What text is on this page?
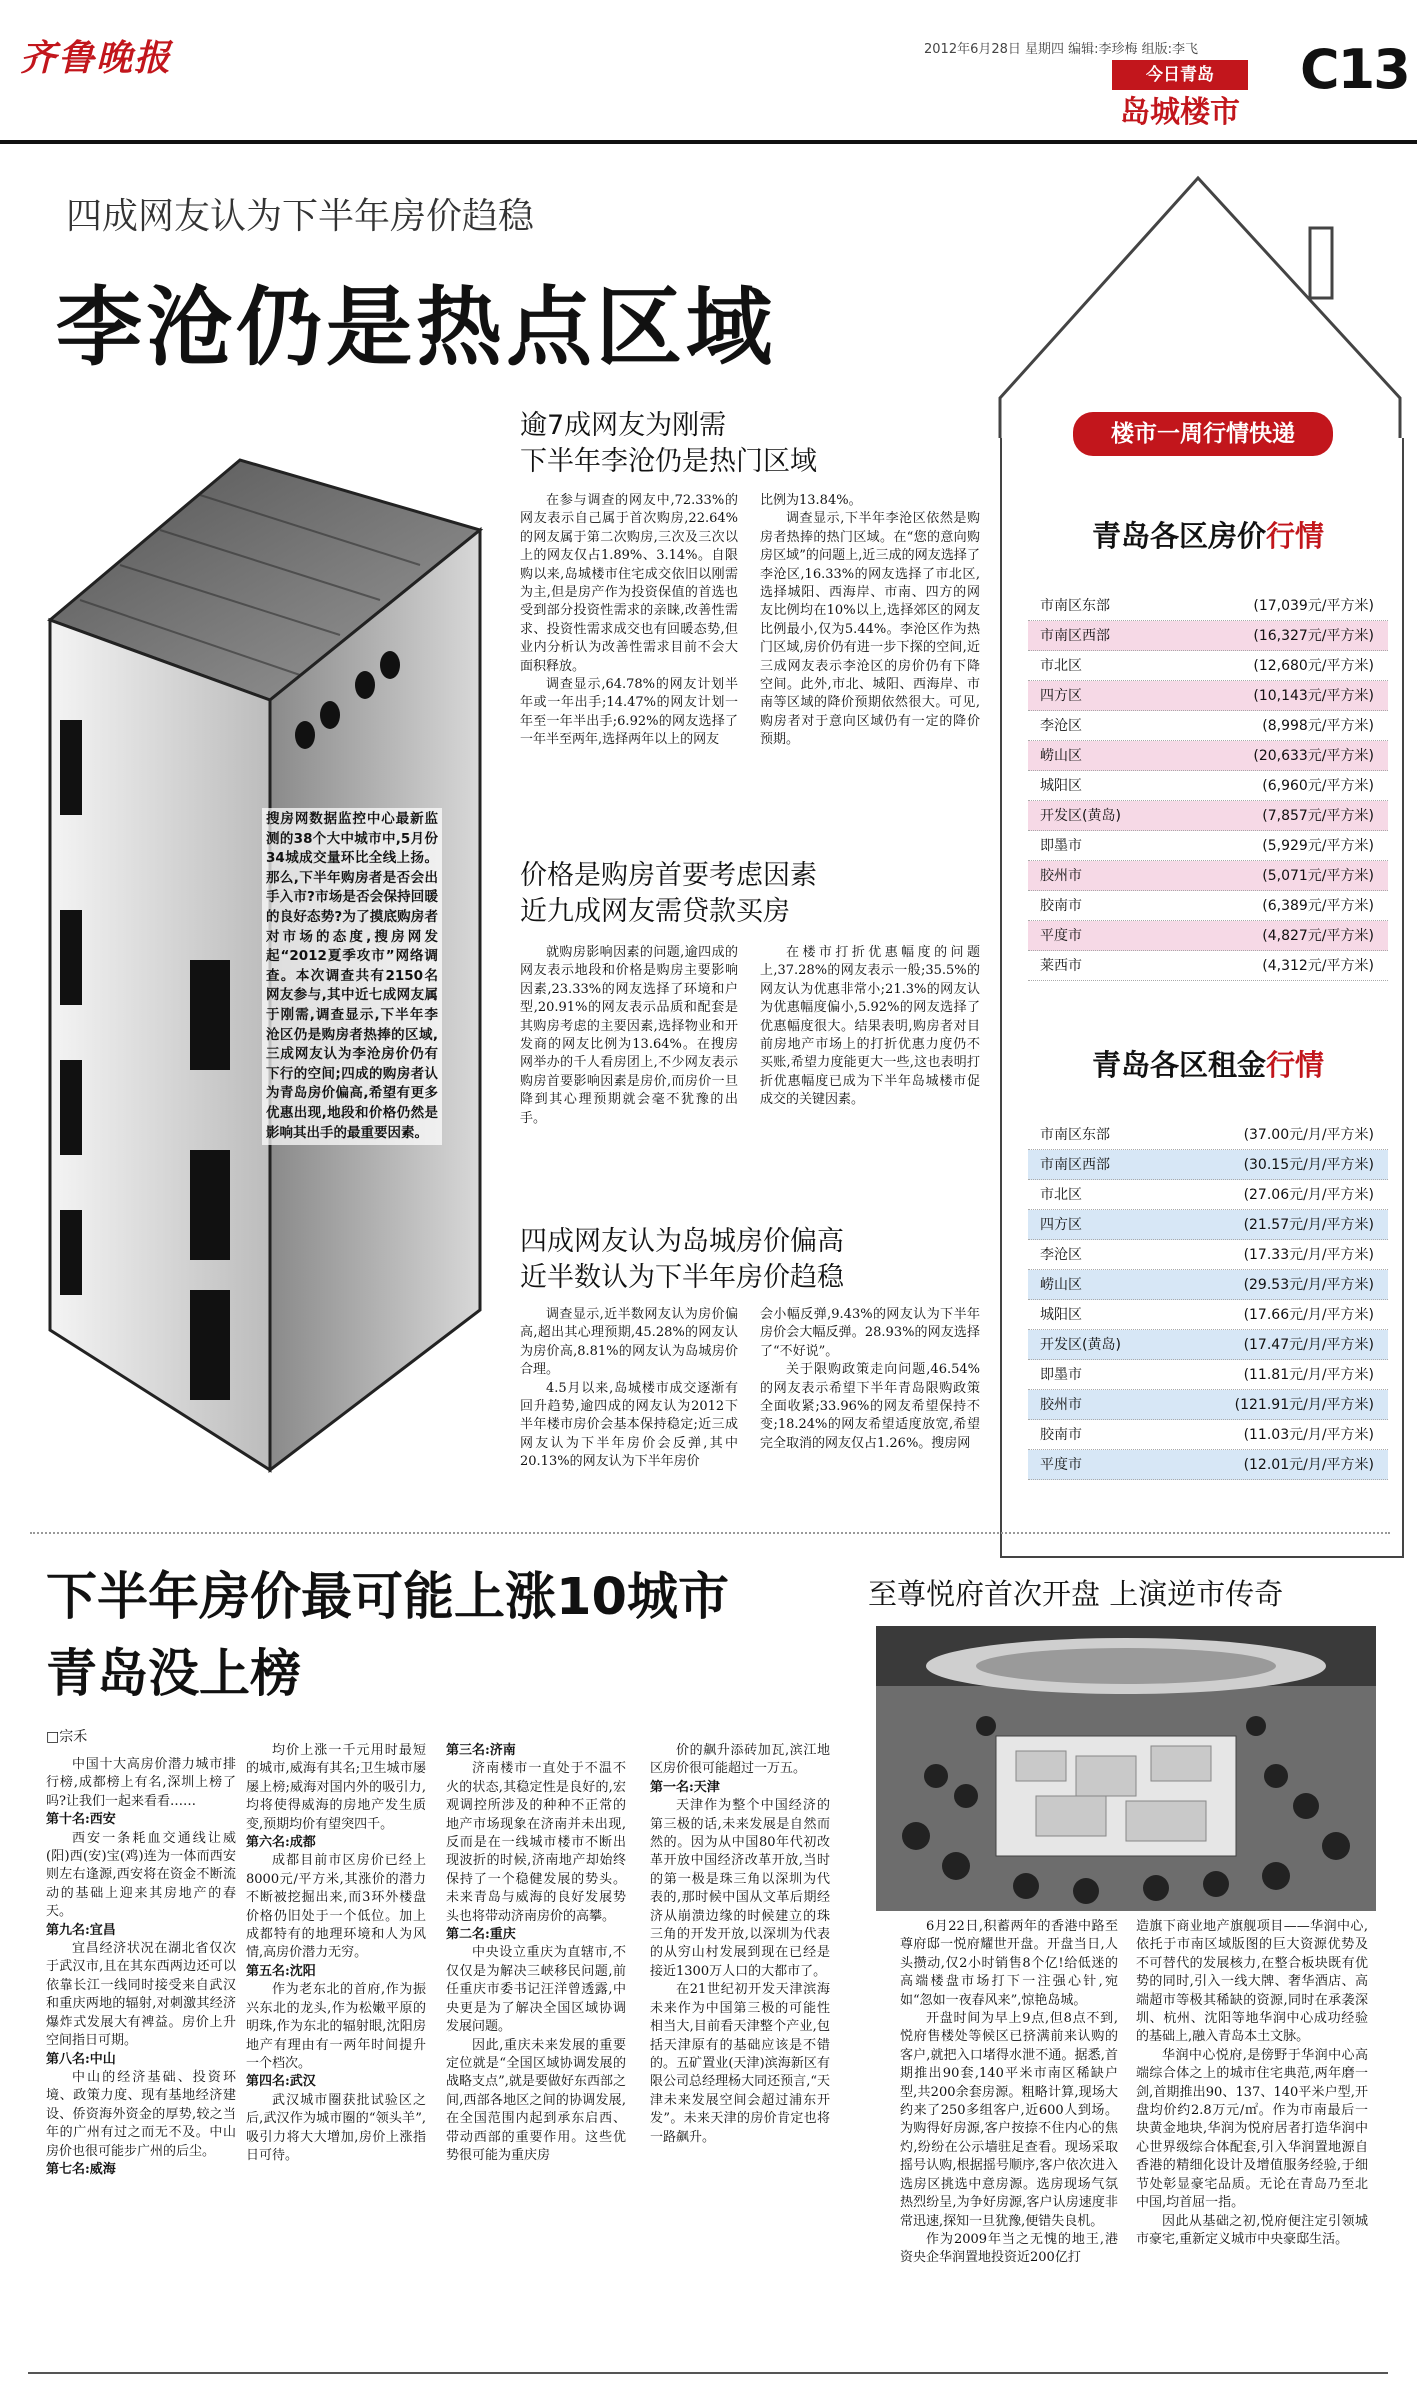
齐鲁晚报	2012年6月28日 星期四 编辑:李珍梅 组版:李飞
今日青岛
岛城楼市
C13
四成网友认为下半年房价趋稳
李沧仍是热点区域
搜房网数据监控中心最新监测的38个大中城市中,5月份34城成交量环比全线上扬。那么,下半年购房者是否会出手入市?市场是否会保持回暖的良好态势?为了摸底购房者对市场的态度,搜房网发起“2012夏季攻市”网络调查。本次调查共有2150名网友参与,其中近七成网友属于刚需,调查显示,下半年李沧区仍是购房者热捧的区域,三成网友认为李沧房价仍有下行的空间;四成的购房者认为青岛房价偏高,希望有更多优惠出现,地段和价格仍然是影响其出手的最重要因素。
逾7成网友为刚需
下半年李沧仍是热门区域

在参与调查的网友中,72.33%的网友表示自己属于首次购房,22.64%的网友属于第二次购房,三次及三次以上的网友仅占1.89%、3.14%。自限购以来,岛城楼市住宅成交依旧以刚需为主,但是房产作为投资保值的首选也受到部分投资性需求的亲睐,改善性需求、投资性需求成交也有回暖态势,但业内分析认为改善性需求目前不会大面积释放。

调查显示,64.78%的网友计划半年或一年出手;14.47%的网友计划一年至一年半出手;6.92%的网友选择了一年半至两年,选择两年以上的网友

比例为13.84%。

调查显示,下半年李沧区依然是购房者热捧的热门区域。在“您的意向购房区域”的问题上,近三成的网友选择了李沧区,16.33%的网友选择了市北区,选择城阳、西海岸、市南、四方的网友比例均在10%以上,选择郊区的网友比例最小,仅为5.44%。李沧区作为热门区域,房价仍有进一步下探的空间,近三成网友表示李沧区的房价仍有下降空间。此外,市北、城阳、西海岸、市南等区域的降价预期依然很大。可见,购房者对于意向区域仍有一定的降价预期。

价格是购房首要考虑因素
近九成网友需贷款买房

就购房影响因素的问题,逾四成的网友表示地段和价格是购房主要影响因素,23.33%的网友选择了环境和户型,20.91%的网友表示品质和配套是其购房考虑的主要因素,选择物业和开发商的网友比例为13.64%。在搜房网举办的千人看房团上,不少网友表示购房首要影响因素是房价,而房价一旦降到其心理预期就会毫不犹豫的出手。

在楼市打折优惠幅度的问题上,37.28%的网友表示一般;35.5%的网友认为优惠非常小;21.3%的网友认为优惠幅度偏小,5.92%的网友选择了优惠幅度很大。结果表明,购房者对目前房地产市场上的打折优惠力度仍不买账,希望力度能更大一些,这也表明打折优惠幅度已成为下半年岛城楼市促成交的关键因素。

四成网友认为岛城房价偏高
近半数认为下半年房价趋稳

调查显示,近半数网友认为房价偏高,超出其心理预期,45.28%的网友认为房价高,8.81%的网友认为岛城房价合理。

4.5月以来,岛城楼市成交逐渐有回升趋势,逾四成的网友认为2012下半年楼市房价会基本保持稳定;近三成网友认为下半年房价会反弹,其中20.13%的网友认为下半年房价

会小幅反弹,9.43%的网友认为下半年房价会大幅反弹。28.93%的网友选择了“不好说”。

关于限购政策走向问题,46.54%的网友表示希望下半年青岛限购政策全面收紧;33.96%的网友希望保持不变;18.24%的网友希望适度放宽,希望完全取消的网友仅占1.26%。搜房网

楼市一周行情快递
青岛各区房价行情
市南区东部	(17,039元/平方米)
市南区西部	(16,327元/平方米)
市北区	(12,680元/平方米)
四方区	(10,143元/平方米)
李沧区	(8,998元/平方米)
崂山区	(20,633元/平方米)
城阳区	(6,960元/平方米)
开发区(黄岛)	(7,857元/平方米)
即墨市	(5,929元/平方米)
胶州市	(5,071元/平方米)
胶南市	(6,389元/平方米)
平度市	(4,827元/平方米)
莱西市	(4,312元/平方米)
青岛各区租金行情
市南区东部	(37.00元/月/平方米)
市南区西部	(30.15元/月/平方米)
市北区	(27.06元/月/平方米)
四方区	(21.57元/月/平方米)
李沧区	(17.33元/月/平方米)
崂山区	(29.53元/月/平方米)
城阳区	(17.66元/月/平方米)
开发区(黄岛)	(17.47元/月/平方米)
即墨市	(11.81元/月/平方米)
胶州市	(121.91元/月/平方米)
胶南市	(11.03元/月/平方米)
平度市	(12.01元/月/平方米)
下半年房价最可能上涨10城市
青岛没上榜
□宗禾

中国十大高房价潜力城市排行榜,成都榜上有名,深圳上榜了吗?让我们一起来看看……

第十名:西安

西安一条耗血交通线让威(阳)西(安)宝(鸡)连为一体而西安则左右逢源,西安将在资金不断流动的基础上迎来其房地产的春天。

第九名:宜昌

宜昌经济状况在湖北省仅次于武汉市,且在其东西两边还可以依靠长江一线同时接受来自武汉和重庆两地的辐射,对刺激其经济爆炸式发展大有裨益。房价上升空间指日可期。

第八名:中山

中山的经济基础、投资环境、政策力度、现有基地经济建设、侨资海外资金的厚势,较之当年的广州有过之而无不及。中山房价也很可能步广州的后尘。

第七名:威海

均价上涨一千元用时最短的城市,威海有其名;卫生城市屡屡上榜;威海对国内外的吸引力,均将使得威海的房地产发生质变,预期均价有望突四千。

第六名:成都

成都目前市区房价已经上8000元/平方米,其涨价的潜力不断被挖掘出来,而3环外楼盘价格仍旧处于一个低位。加上成都特有的地理环境和人为风情,高房价潜力无穷。

第五名:沈阳

作为老东北的首府,作为振兴东北的龙头,作为松嫩平原的明珠,作为东北的辐射眼,沈阳房地产有理由有一两年时间提升一个档次。

第四名:武汉

武汉城市圈获批试验区之后,武汉作为城市圈的“领头羊”,吸引力将大大增加,房价上涨指日可待。

第三名:济南

济南楼市一直处于不温不火的状态,其稳定性是良好的,宏观调控所涉及的种种不正常的地产市场现象在济南并未出现,反而是在一线城市楼市不断出现波折的时候,济南地产却始终保持了一个稳健发展的势头。未来青岛与威海的良好发展势头也将带动济南房价的高攀。

第二名:重庆

中央设立重庆为直辖市,不仅仅是为解决三峡移民问题,前任重庆市委书记汪洋曾透露,中央更是为了解决全国区域协调发展问题。

因此,重庆未来发展的重要定位就是“全国区域协调发展的战略支点”,就是要做好东西部之间,西部各地区之间的协调发展,在全国范围内起到承东启西、带动西部的重要作用。这些优势很可能为重庆房

价的飙升添砖加瓦,滨江地区房价很可能超过一万五。

第一名:天津

天津作为整个中国经济的第三极的话,未来发展是自然而然的。因为从中国80年代初改革开放中国经济改革开放,当时的第一极是珠三角以深圳为代表的,那时候中国从文革后期经济从崩溃边缘的时候建立的珠三角的开发开放,以深圳为代表的从穷山村发展到现在已经是接近1300万人口的大都市了。

在21世纪初开发天津滨海未来作为中国第三极的可能性相当大,目前看天津整个产业,包括天津原有的基础应该是不错的。五矿置业(天津)滨海新区有限公司总经理杨大同还预言,“天津未来发展空间会超过浦东开发”。未来天津的房价肯定也将一路飙升。

至尊悦府首次开盘 上演逆市传奇

6月22日,积蓄两年的香港中路至尊府邸一悦府耀世开盘。开盘当日,人头攒动,仅2小时销售8个亿!给低迷的高端楼盘市场打下一注强心针,宛如“忽如一夜春风来”,惊艳岛城。

开盘时间为早上9点,但8点不到,悦府售楼处等候区已挤满前来认购的客户,就把入口堵得水泄不通。据悉,首期推出90套,140平米市南区稀缺户型,共200余套房源。粗略计算,现场大约来了250多组客户,近600人到场。为购得好房源,客户按捺不住内心的焦灼,纷纷在公示墙驻足查看。现场采取摇号认购,根据摇号顺序,客户依次进入选房区挑选中意房源。选房现场气氛热烈纷呈,为争好房源,客户认房速度非常迅速,探知一旦犹豫,便错失良机。

作为2009年当之无愧的地王,港资央企华润置地投资近200亿打

造旗下商业地产旗舰项目——华润中心,依托于市南区域版图的巨大资源优势及不可替代的发展核力,在整合板块既有优势的同时,引入一线大牌、奢华酒店、高端超市等极其稀缺的资源,同时在承袭深圳、杭州、沈阳等地华润中心成功经验的基础上,融入青岛本土文脉。

华润中心悦府,是傍野于华润中心高端综合体之上的城市住宅典范,两年磨一剑,首期推出90、137、140平米户型,开盘均价约2.8万元/㎡。作为市南最后一块黄金地块,华润为悦府居者打造华润中心世界级综合体配套,引入华润置地源自香港的精细化设计及增值服务经验,于细节处彰显豪宅品质。无论在青岛乃至北中国,均首屈一指。

因此从基础之初,悦府便注定引领城市豪宅,重新定义城市中央豪邸生活。
